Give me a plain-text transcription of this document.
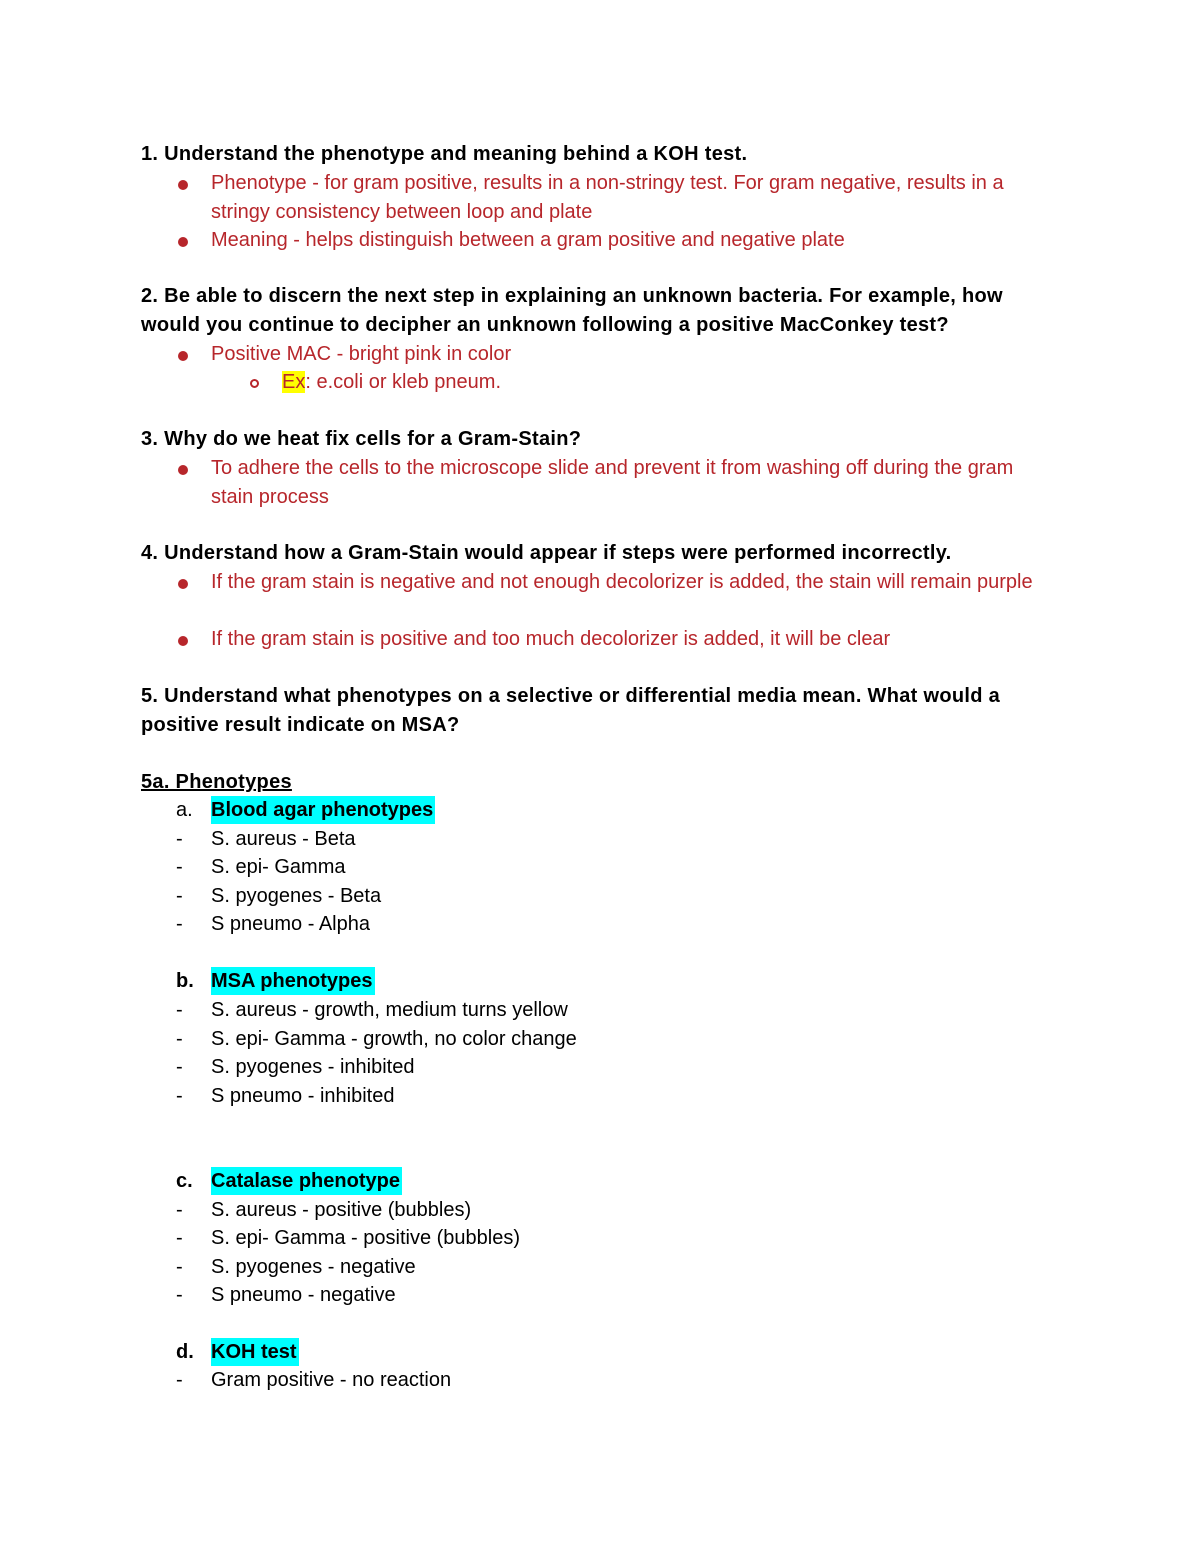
1. Understand the phenotype and meaning behind a KOH test.
Phenotype - for gram positive, results in a non-stringy test. For gram negative, results in a stringy consistency between loop and plate
Meaning - helps distinguish between a gram positive and negative plate
2. Be able to discern the next step in explaining an unknown bacteria. For example, how would you continue to decipher an unknown following a positive MacConkey test?
Positive MAC - bright pink in color
Ex: e.coli or kleb pneum.
3. Why do we heat fix cells for a Gram-Stain?
To adhere the cells to the microscope slide and prevent it from washing off during the gram stain process
4. Understand how a Gram-Stain would appear if steps were performed incorrectly.
If the gram stain is negative and not enough decolorizer is added, the stain will remain purple
If the gram stain is positive and too much decolorizer is added, it will be clear
5. Understand what phenotypes on a selective or differential media mean. What would a positive result indicate on MSA?
5a. Phenotypes
a. Blood agar phenotypes
- S. aureus - Beta
- S. epi- Gamma
- S. pyogenes - Beta
- S pneumo - Alpha
b. MSA phenotypes
- S. aureus - growth, medium turns yellow
- S. epi- Gamma - growth, no color change
- S. pyogenes - inhibited
- S pneumo - inhibited
c. Catalase phenotype
- S. aureus - positive (bubbles)
- S. epi- Gamma - positive (bubbles)
- S. pyogenes - negative
- S pneumo - negative
d. KOH test
- Gram positive - no reaction
